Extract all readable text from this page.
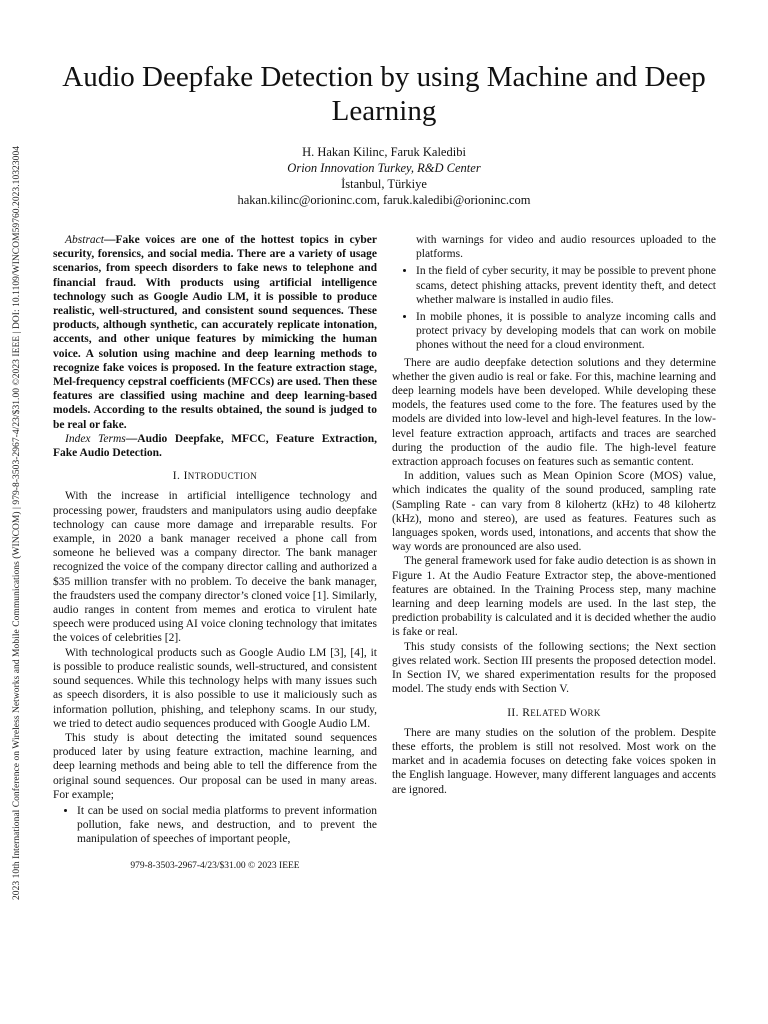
2023 10th International Conference on Wireless Networks and Mobile Communications (WINCOM) | 979-8-3503-2967-4/23/$31.00 ©2023 IEEE | DOI: 10.1109/WINCOM59760.2023.10323004
Audio Deepfake Detection by using Machine and Deep Learning
H. Hakan Kilinc, Faruk Kaledibi
Orion Innovation Turkey, R&D Center
İstanbul, Türkiye
hakan.kilinc@orioninc.com, faruk.kaledibi@orioninc.com

Abstract—Fake voices are one of the hottest topics in cyber security, forensics, and social media. There are a variety of usage scenarios, from speech disorders to fake news to telephone and financial fraud. With products using artificial intelligence technology such as Google Audio LM, it is possible to produce realistic, well-structured, and consistent sound sequences. These products, although synthetic, can accurately replicate intonation, accents, and other unique features by mimicking the human voice. A solution using machine and deep learning methods to recognize fake voices is proposed. In the feature extraction stage, Mel-frequency cepstral coefficients (MFCCs) are used. Then these features are classified using machine and deep learning-based models. According to the results obtained, the sound is judged to be real or fake.

Index Terms—Audio Deepfake, MFCC, Feature Extraction, Fake Audio Detection.

I. INTRODUCTION

With the increase in artificial intelligence technology and processing power, fraudsters and manipulators using audio deepfake technology can cause more damage and irreparable results. For example, in 2020 a bank manager received a phone call from someone he believed was a company director. The bank manager recognized the voice of the company director calling and authorized a $35 million transfer with no problem. To deceive the bank manager, the fraudsters used the company director’s cloned voice [1]. Similarly, audio ranges in content from memes and erotica to virulent hate speech were produced using AI voice cloning technology that imitates the voices of celebrities [2].

With technological products such as Google Audio LM [3], [4], it is possible to produce realistic sounds, well-structured, and consistent sound sequences. While this technology helps with many issues such as speech disorders, it is also possible to use it maliciously such as information pollution, phishing, and telephony scams. In our study, we tried to detect audio sequences produced with Google Audio LM.

This study is about detecting the imitated sound sequences produced later by using feature extraction, machine learning, and deep learning methods and being able to tell the difference from the original sound sequences. Our proposal can be used in many areas. For example;

• It can be used on social media platforms to prevent information pollution, fake news, and destruction, and to prevent the manipulation of speeches of important people,
979-8-3503-2967-4/23/$31.00 © 2023 IEEE
with warnings for video and audio resources uploaded to the platforms.
• In the field of cyber security, it may be possible to prevent phone scams, detect phishing attacks, prevent identity theft, and detect whether malware is installed in audio files.
• In mobile phones, it is possible to analyze incoming calls and protect privacy by developing models that can work on mobile phones without the need for a cloud environment.

There are audio deepfake detection solutions and they determine whether the given audio is real or fake. For this, machine learning and deep learning models have been developed. While developing these models, the features used come to the fore. The features used by the models are divided into low-level and high-level features. In the low-level feature extraction approach, artifacts and traces are searched during the production of the audio file. The high-level feature extraction approach focuses on features such as semantic content.

In addition, values such as Mean Opinion Score (MOS) value, which indicates the quality of the sound produced, sampling rate (Sampling Rate - can vary from 8 kilohertz (kHz) to 48 kilohertz (kHz), mono and stereo), are used as features. Features such as languages spoken, words used, intonations, and accents that show the way words are pronounced are also used.

The general framework used for fake audio detection is as shown in Figure 1. At the Audio Feature Extractor step, the above-mentioned features are obtained. In the Training Process step, many machine learning and deep learning models are used. In the last step, the prediction probability is calculated and it is decided whether the audio is fake or real.

This study consists of the following sections; the Next section gives related work. Section III presents the proposed detection model. In Section IV, we shared experimentation results for the proposed model. The study ends with Section V.

II. RELATED WORK

There are many studies on the solution of the problem. Despite these efforts, the problem is still not resolved. Most work on the market and in academia focuses on detecting fake voices spoken in the English language. However, many different languages and accents are ignored.
